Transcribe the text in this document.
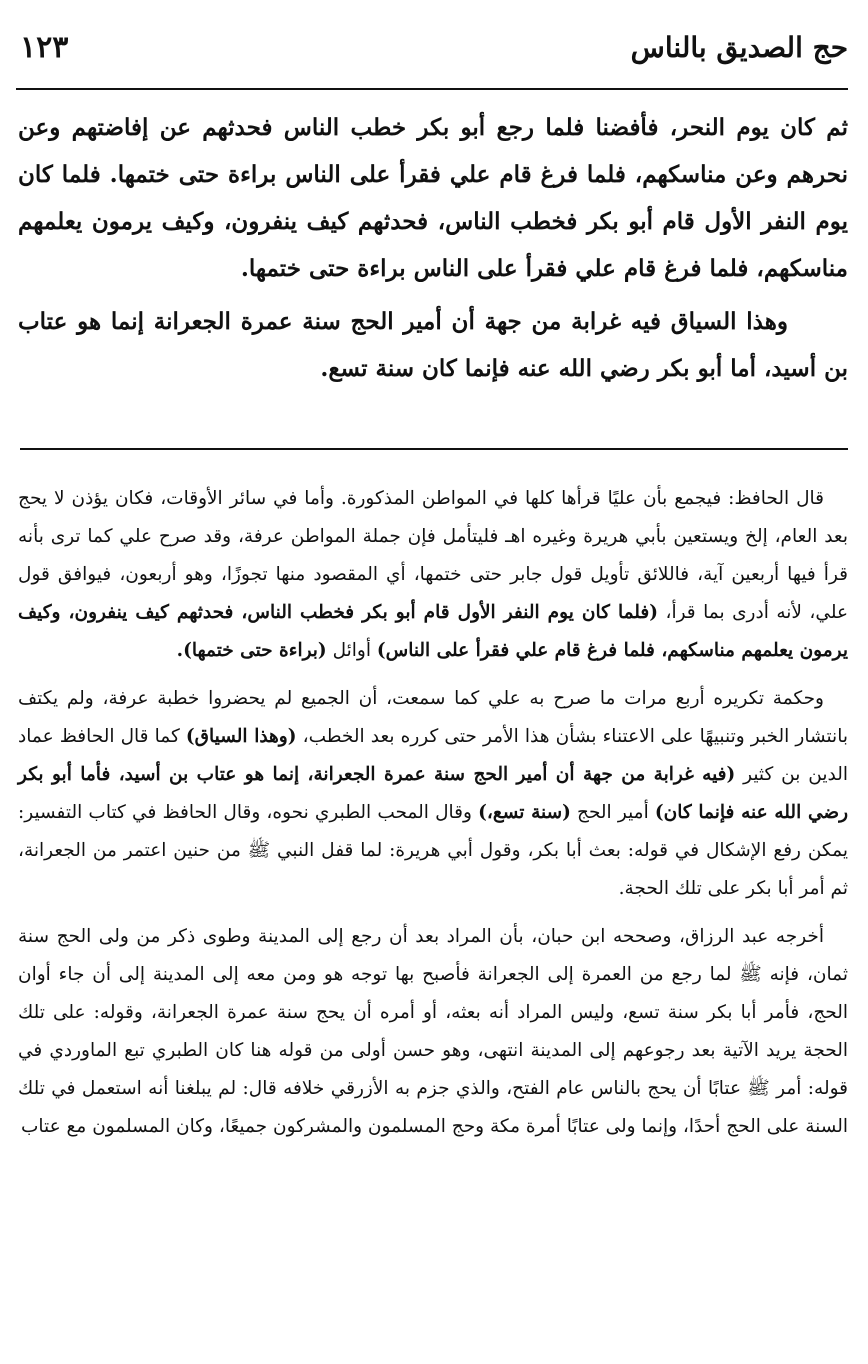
حج الصديق بالناس
١٢٣

ثم كان يوم النحر، فأفضنا فلما رجع أبو بكر خطب الناس فحدثهم عن إفاضتهم وعن نحرهم وعن مناسكهم، فلما فرغ قام علي فقرأ على الناس براءة حتى ختمها. فلما كان يوم النفر الأول قام أبو بكر فخطب الناس، فحدثهم كيف ينفرون، وكيف يرمون يعلمهم مناسكهم، فلما فرغ قام علي فقرأ على الناس براءة حتى ختمها.

وهذا السياق فيه غرابة من جهة أن أمير الحج سنة عمرة الجعرانة إنما هو عتاب بن أسيد، أما أبو بكر رضي الله عنه فإنما كان سنة تسع.

قال الحافظ: فيجمع بأن عليًا قرأها كلها في المواطن المذكورة. وأما في سائر الأوقات، فكان يؤذن لا يحج بعد العام، إلخ ويستعين بأبي هريرة وغيره اهـ فليتأمل فإن جملة المواطن عرفة، وقد صرح علي كما ترى بأنه قرأ فيها أربعين آية، فاللائق تأويل قول جابر حتى ختمها، أي المقصود منها تجوزًا، وهو أربعون، فيوافق قول علي، لأنه أدرى بما قرأ، (فلما كان يوم النفر الأول قام أبو بكر فخطب الناس، فحدثهم كيف ينفرون، وكيف يرمون يعلمهم مناسكهم، فلما فرغ قام علي فقرأ على الناس) أوائل (براءة حتى ختمها).

وحكمة تكريره أربع مرات ما صرح به علي كما سمعت، أن الجميع لم يحضروا خطبة عرفة، ولم يكتف بانتشار الخبر وتنبيهًا على الاعتناء بشأن هذا الأمر حتى كرره بعد الخطب، (وهذا السياق) كما قال الحافظ عماد الدين بن كثير (فيه غرابة من جهة أن أمير الحج سنة عمرة الجعرانة، إنما هو عتاب بن أسيد، فأما أبو بكر رضي الله عنه فإنما كان) أمير الحج (سنة تسع،) وقال المحب الطبري نحوه، وقال الحافظ في كتاب التفسير: يمكن رفع الإشكال في قوله: بعث أبا بكر، وقول أبي هريرة: لما قفل النبي ﷺ من حنين اعتمر من الجعرانة، ثم أمر أبا بكر على تلك الحجة.

أخرجه عبد الرزاق، وصححه ابن حبان، بأن المراد بعد أن رجع إلى المدينة وطوى ذكر من ولى الحج سنة ثمان، فإنه ﷺ لما رجع من العمرة إلى الجعرانة فأصبح بها توجه هو ومن معه إلى المدينة إلى أن جاء أوان الحج، فأمر أبا بكر سنة تسع، وليس المراد أنه بعثه، أو أمره أن يحج سنة عمرة الجعرانة، وقوله: على تلك الحجة يريد الآتية بعد رجوعهم إلى المدينة انتهى، وهو حسن أولى من قوله هنا كان الطبري تبع الماوردي في قوله: أمر ﷺ عتابًا أن يحج بالناس عام الفتح، والذي جزم به الأزرقي خلافه قال: لم يبلغنا أنه استعمل في تلك السنة على الحج أحدًا، وإنما ولى عتابًا أمرة مكة وحج المسلمون والمشركون جميعًا، وكان المسلمون مع عتاب
